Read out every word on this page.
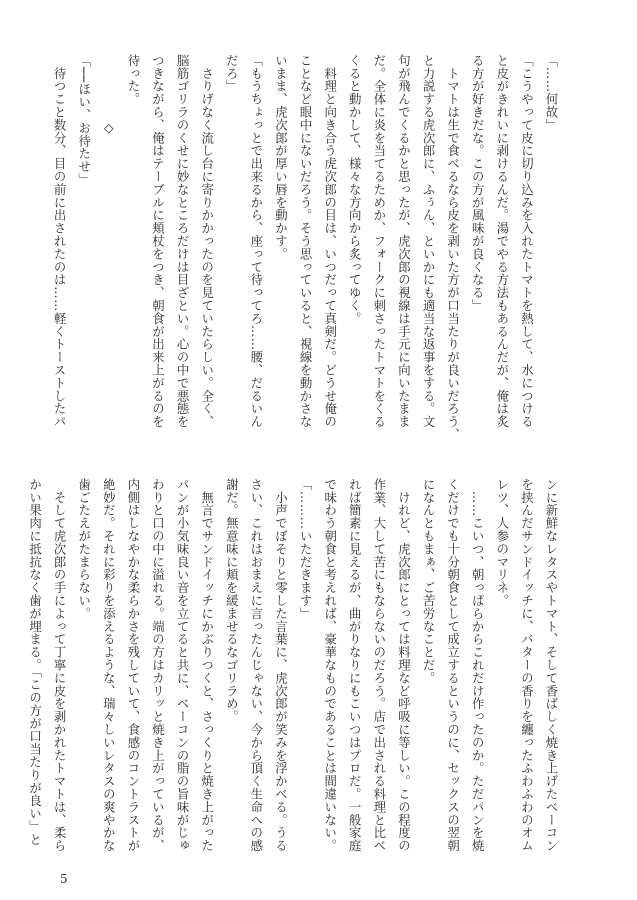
「……何故」
「こうやって皮に切り込みを入れたトマトを熱して、水につける
と皮がきれいに剥けるんだ。湯でやる方法もあるんだが、俺は炙
る方が好きだな。この方が風味が良くなる」
　トマトは生で食べるなら皮を剥いた方が口当たりが良いだろう、
と力説する虎次郎に、ふぅん、といかにも適当な返事をする。文
句が飛んでくるかと思ったが、虎次郎の視線は手元に向いたまま
だ。全体に炎を当てるためか、フォークに刺さったトマトをくる
くると動かして、様々な方向から炙ってゆく。
　料理と向き合う虎次郎の目は、いつだって真剣だ。どうせ俺の
ことなど眼中にないだろう。そう思っていると、視線を動かさな
いまま、虎次郎が厚い唇を動かす。
「もうちょっとで出来るから、座って待ってろ……腰、だるいん
だろ」
　さりげなく流し台に寄りかかったのを見ていたらしい。全く、
脳筋ゴリラのくせに妙なところだけは目ざとい。心の中で悪態を
つきながら、俺はテーブルに頬杖をつき、朝食が出来上がるのを
待った。
◇
「──ほい、お待たせ」
　待つこと数分、目の前に出されたのは……軽くトーストしたパ
ンに新鮮なレタスやトマト、そして香ばしく焼き上げたベーコン
を挟んだサンドイッチに、バターの香りを纏ったふわふわのオム
レツ、人参のマリネ。
　……こいつ、朝っぱらからこれだけ作ったのか。ただパンを焼
くだけでも十分朝食として成立するというのに、セックスの翌朝
になんともまぁ、ご苦労なことだ。
　けれど、虎次郎にとっては料理など呼吸に等しい。この程度の
作業、大して苦にもならないのだろう。店で出される料理と比べ
れば簡素に見えるが、曲がりなりにもこいつはプロだ。一般家庭
で味わう朝食と考えれば、豪華なものであることは間違いない。
「………いただきます」
　小声でぼそりと零した言葉に、虎次郎が笑みを浮かべる。うる
さい、これはおまえに言ったんじゃない、今から頂く生命への感
謝だ。無意味に頬を緩ませるなゴリラめ。
　無言でサンドイッチにかぶりつくと、さっくりと焼き上がった
パンが小気味良い音を立てると共に、ベーコンの脂の旨味がじゅ
わりと口の中に溢れる。端の方はカリッと焼き上がっているが、
内側はしなやかな柔らかさを残していて、食感のコントラストが
絶妙だ。それに彩りを添えるような、瑞々しいレタスの爽やかな
歯ごたえがたまらない。
　そして虎次郎の手によって丁寧に皮を剥かれたトマトは、柔ら
かい果肉に抵抗なく歯が埋まる。「この方が口当たりが良い」と
5
